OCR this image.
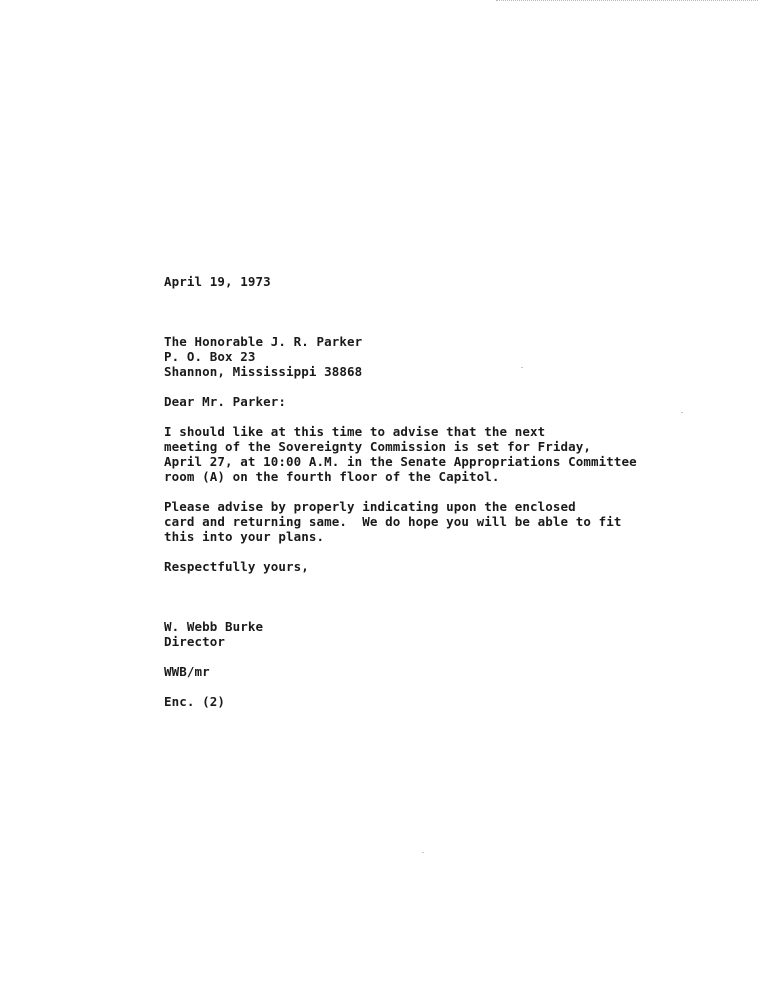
April 19, 1973
The Honorable J. R. Parker
P. O. Box 23
Shannon, Mississippi 38868
Dear Mr. Parker:
I should like at this time to advise that the next
meeting of the Sovereignty Commission is set for Friday,
April 27, at 10:00 A.M. in the Senate Appropriations Committee
room (A) on the fourth floor of the Capitol.
Please advise by properly indicating upon the enclosed
card and returning same.  We do hope you will be able to fit
this into your plans.
Respectfully yours,
W. Webb Burke
Director
WWB/mr
Enc. (2)
